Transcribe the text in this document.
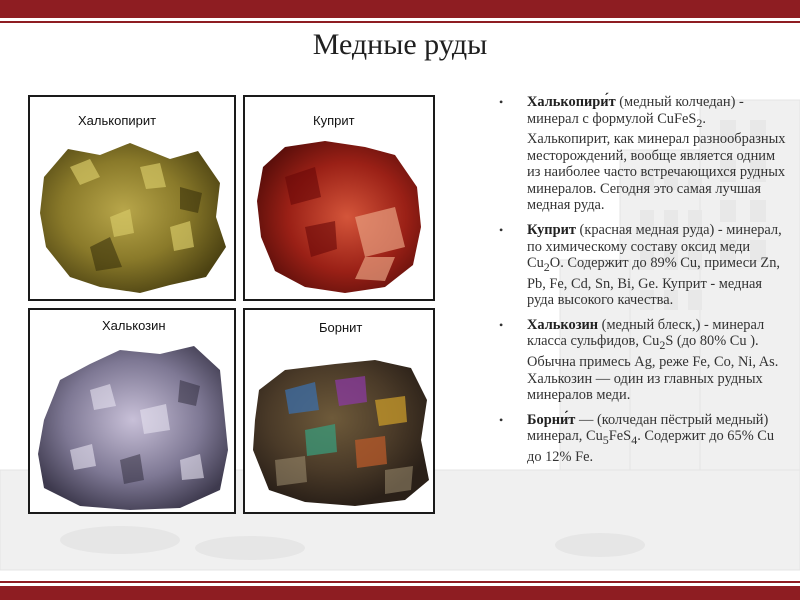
Медные руды
Халькопирит	Куприт
Халькозин	Борнит
• Халькопири́т (медный колчедан) - минерал с формулой CuFeS$_2$. Халькопирит, как минерал разнообразных месторождений, вообще является одним из наиболее часто встречающихся рудных минералов. Сегодня это самая лучшая медная руда.
• Куприт (красная медная руда) - минерал, по химическому составу оксид меди $Cu_2O$. Содержит до 89% Cu, примеси Zn, Pb, Fe, Cd, Sn, Bi, Ge. Куприт - медная руда высокого качества.
• Халькозин (медный блеск,) - минерал класса сульфидов, $Cu_2S$ (до 80% Cu ). Обычна примесь Ag, реже Fe, Co, Ni, As. Халькозин — один из главных рудных минералов меди.
• Борни́т — (колчедан пёстрый медный) минерал, $Cu_5FeS_4$. Содержит до 65% Cu до 12% Fe.
